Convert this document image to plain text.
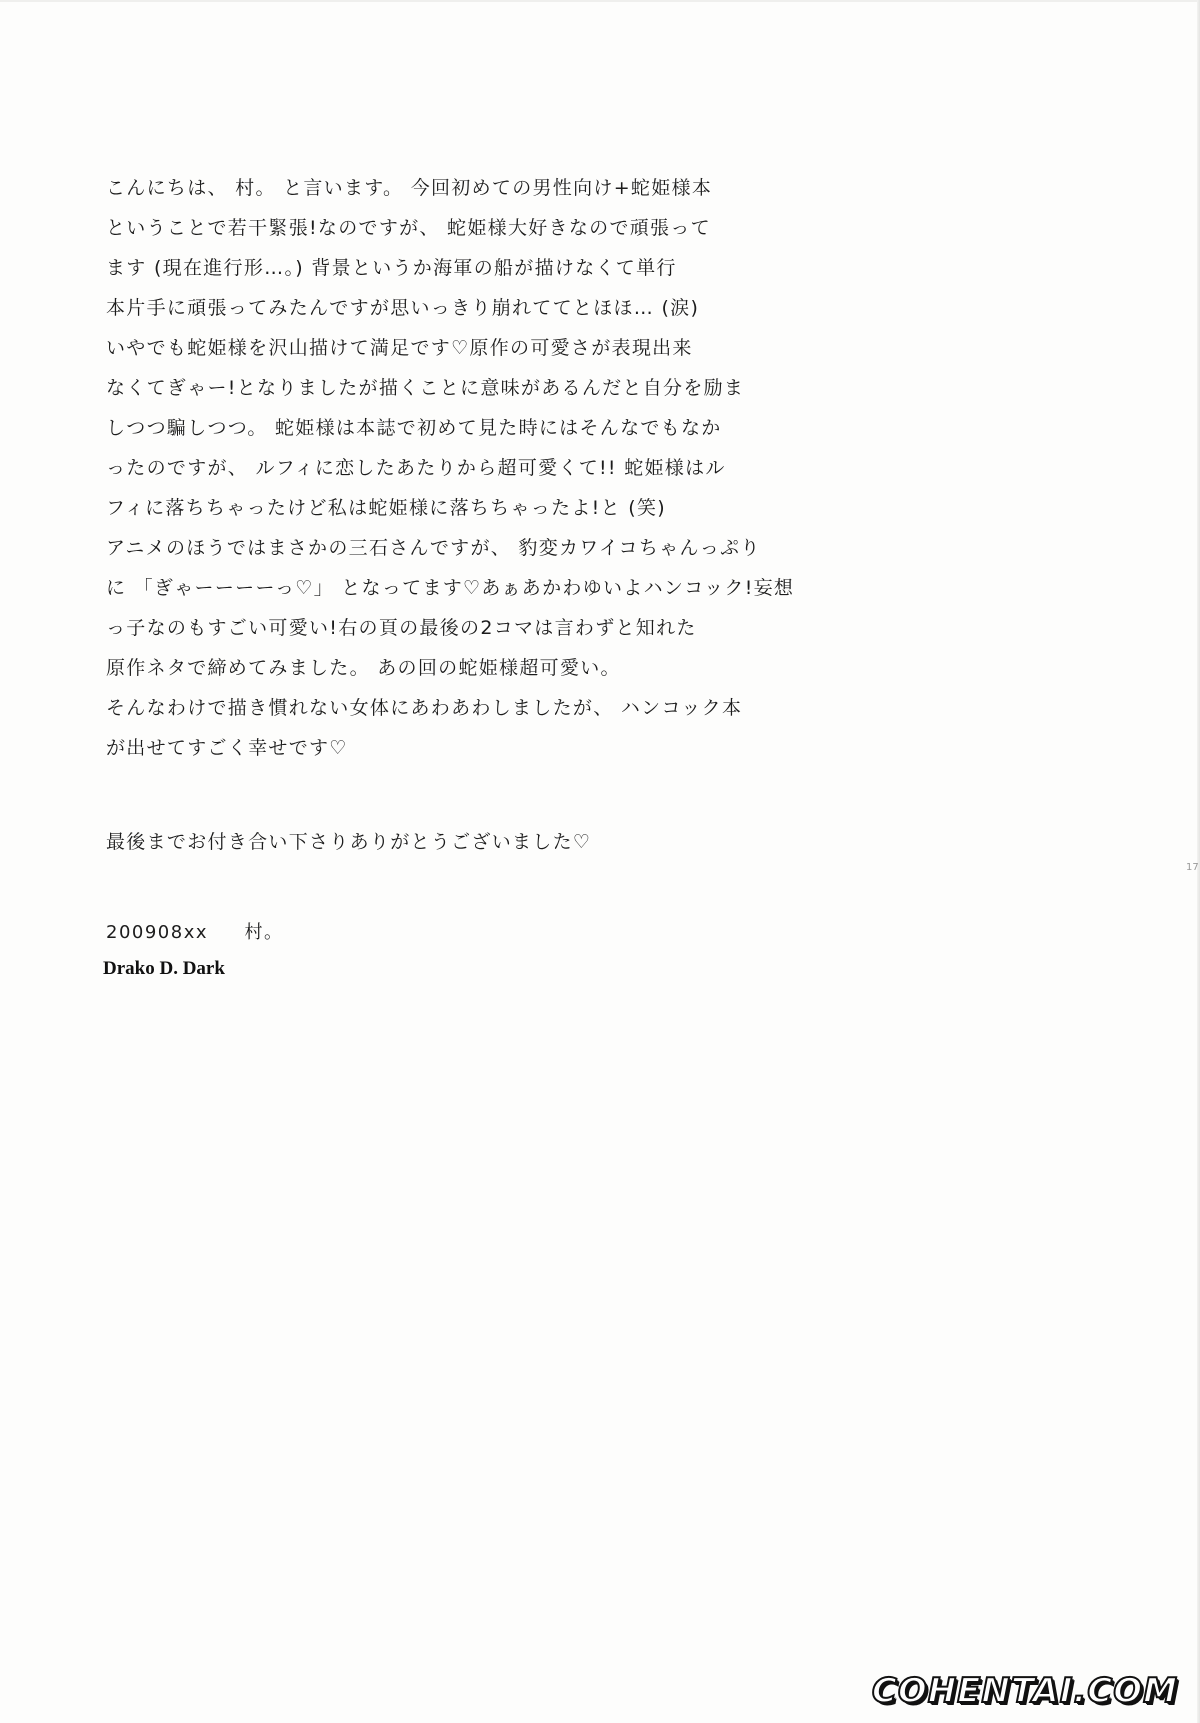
こんにちは、 村。 と言います。 今回初めての男性向け+蛇姫様本
ということで若干緊張!なのですが、 蛇姫様大好きなので頑張って
ます (現在進行形…。) 背景というか海軍の船が描けなくて単行
本片手に頑張ってみたんですが思いっきり崩れててとほほ… (涙)
いやでも蛇姫様を沢山描けて満足です♡原作の可愛さが表現出来
なくてぎゃー!となりましたが描くことに意味があるんだと自分を励ま
しつつ騙しつつ。 蛇姫様は本誌で初めて見た時にはそんなでもなか
ったのですが、 ルフィに恋したあたりから超可愛くて!! 蛇姫様はル
フィに落ちちゃったけど私は蛇姫様に落ちちゃったよ!と (笑)
アニメのほうではまさかの三石さんですが、 豹変カワイコちゃんっぷり
に 「ぎゃーーーーっ♡」 となってます♡あぁあかわゆいよハンコック!妄想
っ子なのもすごい可愛い!右の頁の最後の2コマは言わずと知れた
原作ネタで締めてみました。 あの回の蛇姫様超可愛い。
そんなわけで描き慣れない女体にあわあわしましたが、 ハンコック本
が出せてすごく幸せです♡
最後までお付き合い下さりありがとうございました♡
200908xx 村。
Drako D. Dark
17
COHENTAI.COM
